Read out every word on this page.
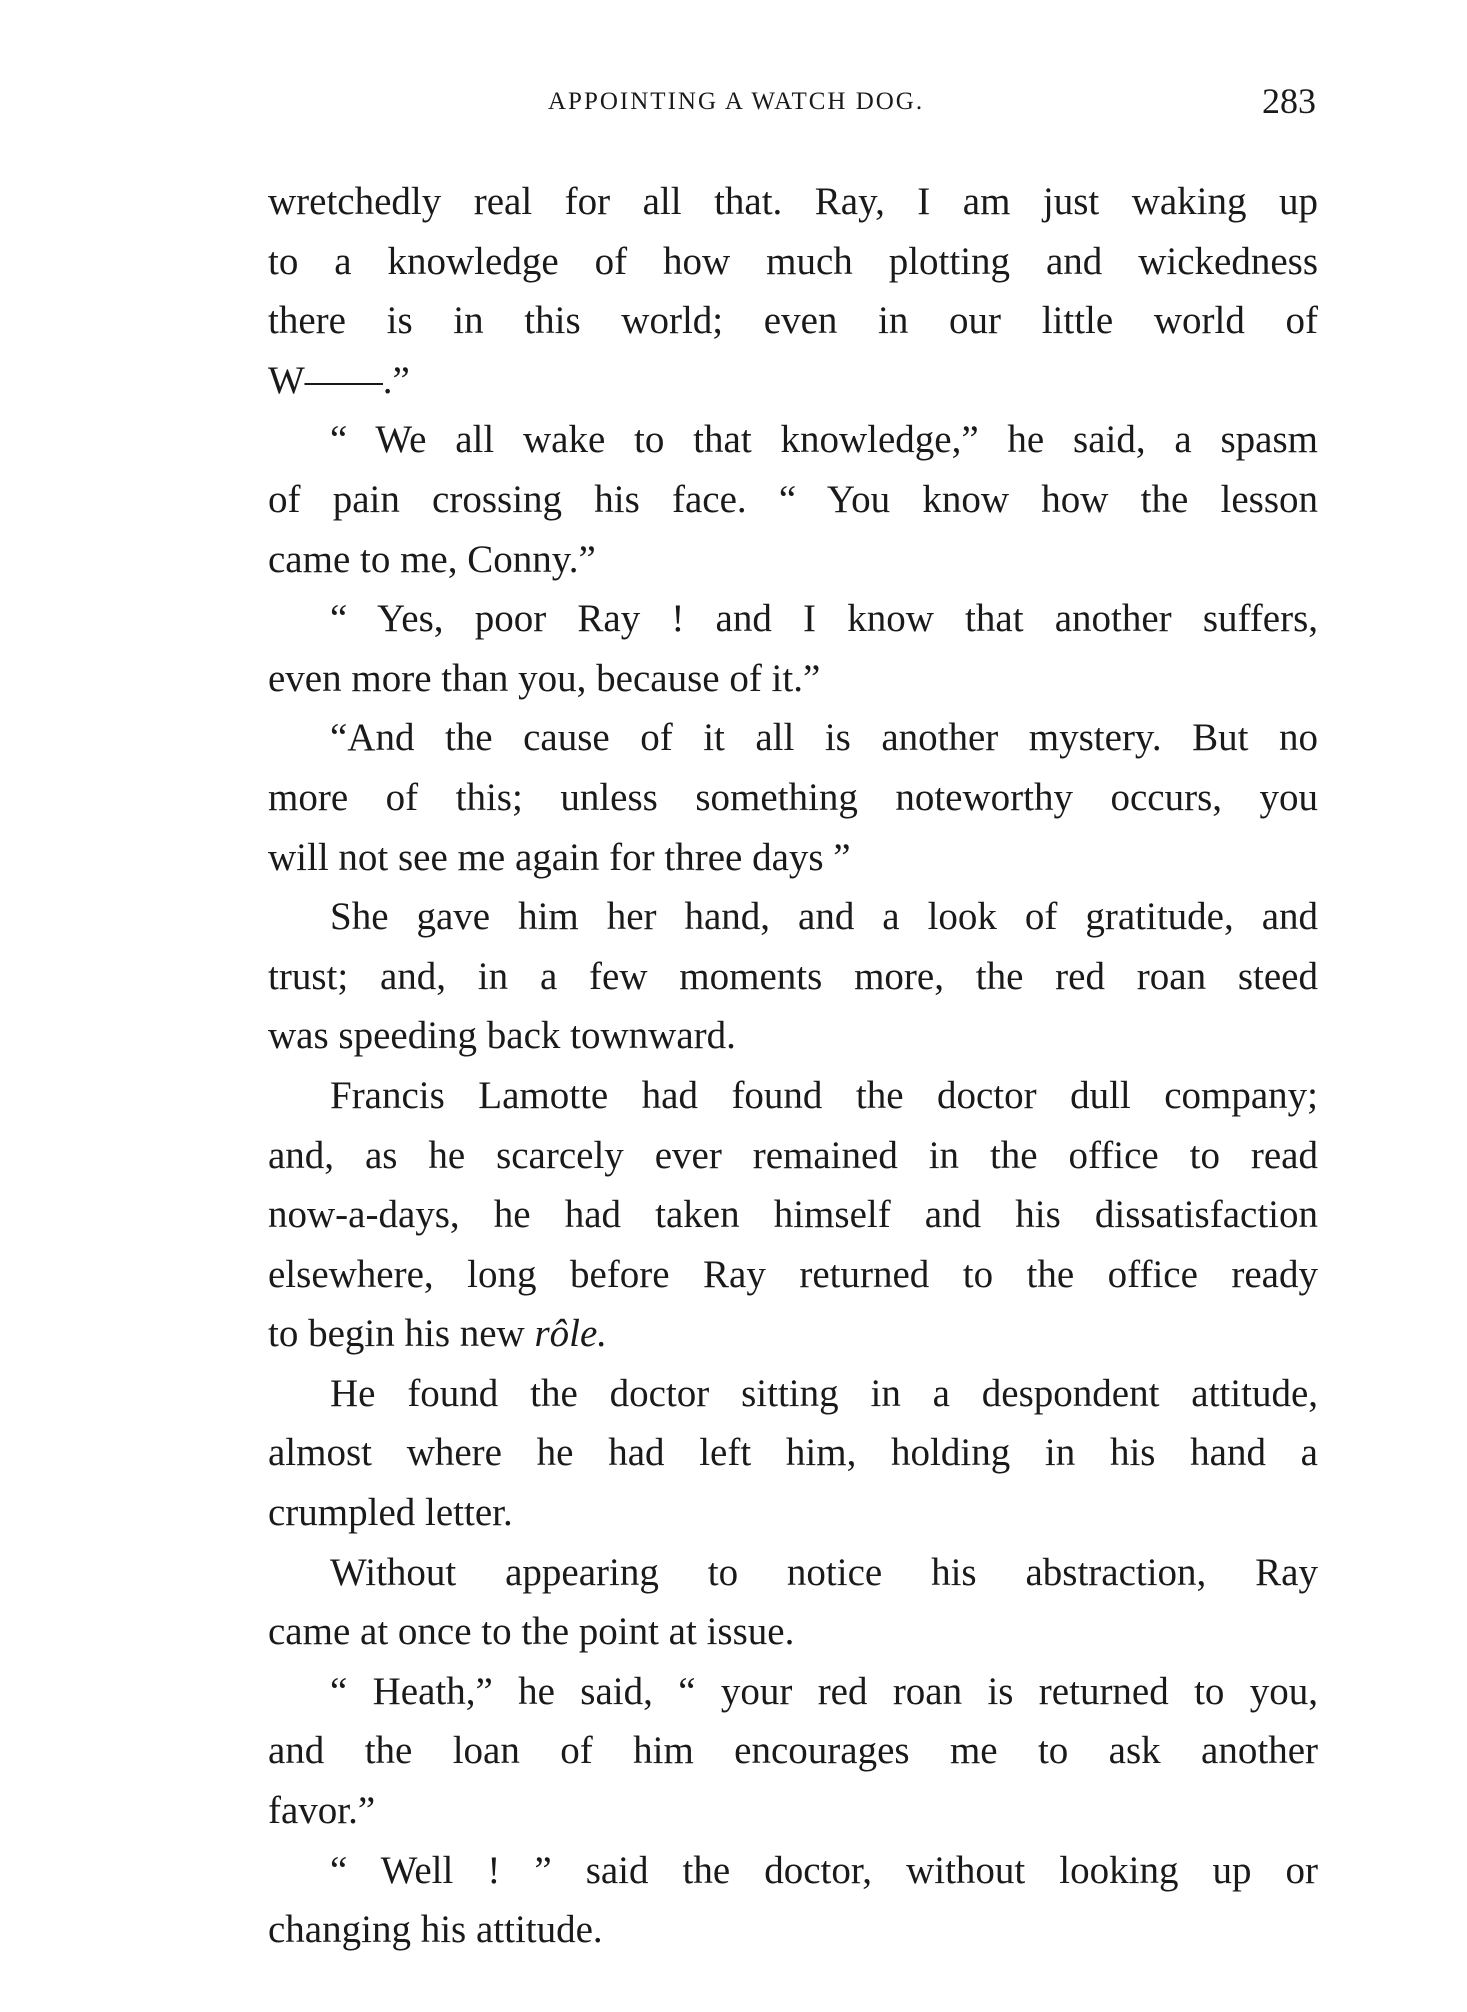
APPOINTING A WATCH DOG.	283
wretchedly real for all that. Ray, I am just waking up
to a knowledge of how much plotting and wickedness
there is in this world; even in our little world of
W——.”
“ We all wake to that knowledge,” he said, a spasm
of pain crossing his face. “ You know how the lesson
came to me, Conny.”
“ Yes, poor Ray ! and I know that another suffers,
even more than you, because of it.”
“And the cause of it all is another mystery. But no
more of this; unless something noteworthy occurs, you
will not see me again for three days ”
She gave him her hand, and a look of gratitude, and
trust; and, in a few moments more, the red roan steed
was speeding back townward.
Francis Lamotte had found the doctor dull company;
and, as he scarcely ever remained in the office to read
now-a-days, he had taken himself and his dissatisfaction
elsewhere, long before Ray returned to the office ready
to begin his new rôle.
He found the doctor sitting in a despondent attitude,
almost where he had left him, holding in his hand a
crumpled letter.
Without appearing to notice his abstraction, Ray
came at once to the point at issue.
“ Heath,” he said, “ your red roan is returned to you,
and the loan of him encourages me to ask another
favor.”
“ Well ! ” said the doctor, without looking up or
changing his attitude.
